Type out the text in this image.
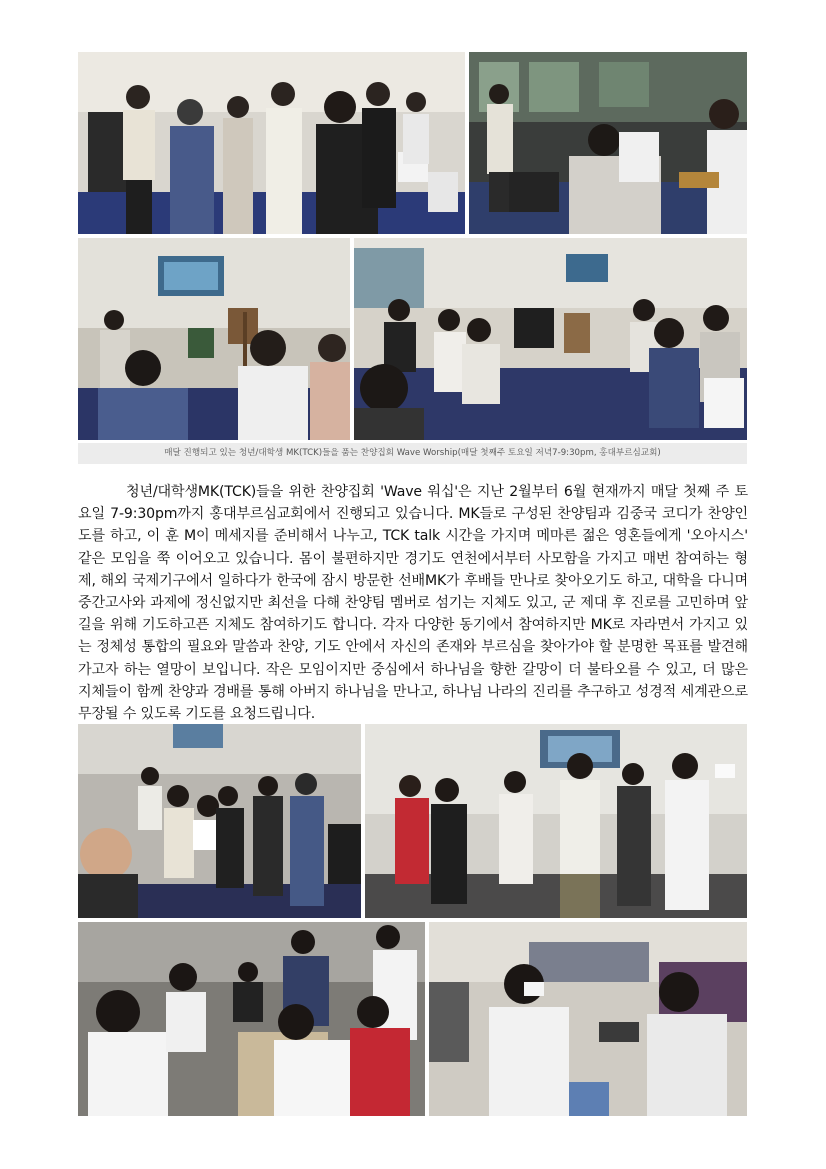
매달 진행되고 있는 청년/대학생 MK(TCK)들을 품는 찬양집회 Wave Worship(매달 첫째주 토요일 저녁7-9:30pm, 홍대부르심교회)

청년/대학생MK(TCK)들을 위한 찬양집회 'Wave 워십'은 지난 2월부터 6월 현재까지 매달 첫째 주 토요일 7-9:30pm까지 홍대부르심교회에서 진행되고 있습니다. MK들로 구성된 찬양팀과 김중국 코디가 찬양인도를 하고, 이 훈 M이 메세지를 준비해서 나누고, TCK talk 시간을 가지며 메마른 젊은 영혼들에게 '오아시스' 같은 모임을 쭉 이어오고 있습니다. 몸이 불편하지만 경기도 연천에서부터 사모함을 가지고 매번 참여하는 형제, 해외 국제기구에서 일하다가 한국에 잠시 방문한 선배MK가 후배들 만나로 찾아오기도 하고, 대학을 다니며 중간고사와 과제에 정신없지만 최선을 다해 찬양팀 멤버로 섬기는 지체도 있고, 군 제대 후 진로를 고민하며 앞길을 위해 기도하고픈 지체도 참여하기도 합니다. 각자 다양한 동기에서 참여하지만 MK로 자라면서 가지고 있는 정체성 통합의 필요와 말씀과 찬양, 기도 안에서 자신의 존재와 부르심을 찾아가야 할 분명한 목표를 발견해가고자 하는 열망이 보입니다. 작은 모임이지만 중심에서 하나님을 향한 갈망이 더 불타오를 수 있고, 더 많은 지체들이 함께 찬양과 경배를 통해 아버지 하나님을 만나고, 하나님 나라의 진리를 추구하고 성경적 세계관으로 무장될 수 있도록 기도를 요청드립니다.
